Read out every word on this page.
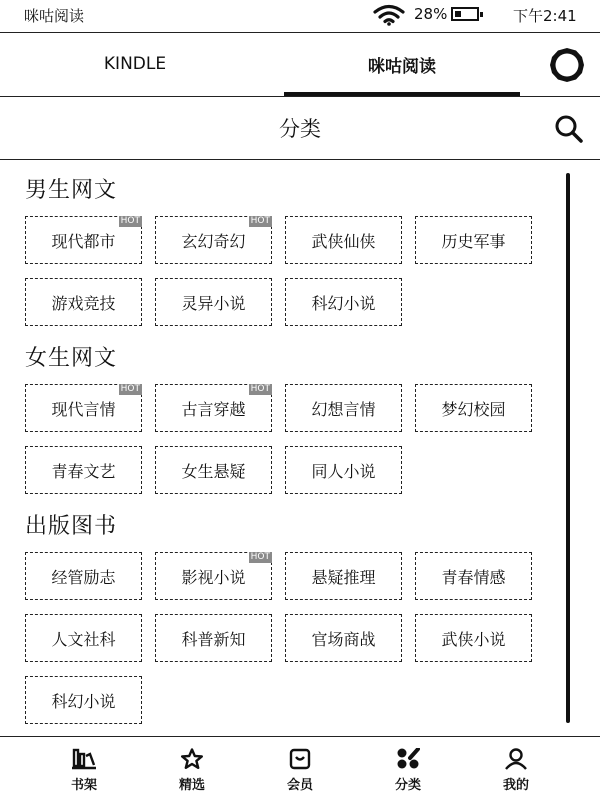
咪咕阅读	28%	下午2:41
KINDLE	咪咕阅读
分类
男生网文
现代都市
HOT
玄幻奇幻
HOT
武侠仙侠	历史军事
游戏竞技	灵异小说	科幻小说
女生网文
现代言情
HOT
古言穿越
HOT
幻想言情	梦幻校园
青春文艺	女生悬疑	同人小说
出版图书
经管励志	影视小说
HOT
悬疑推理	青春情感
人文社科	科普新知	官场商战	武侠小说
科幻小说
书架	精选	会员	分类	我的
